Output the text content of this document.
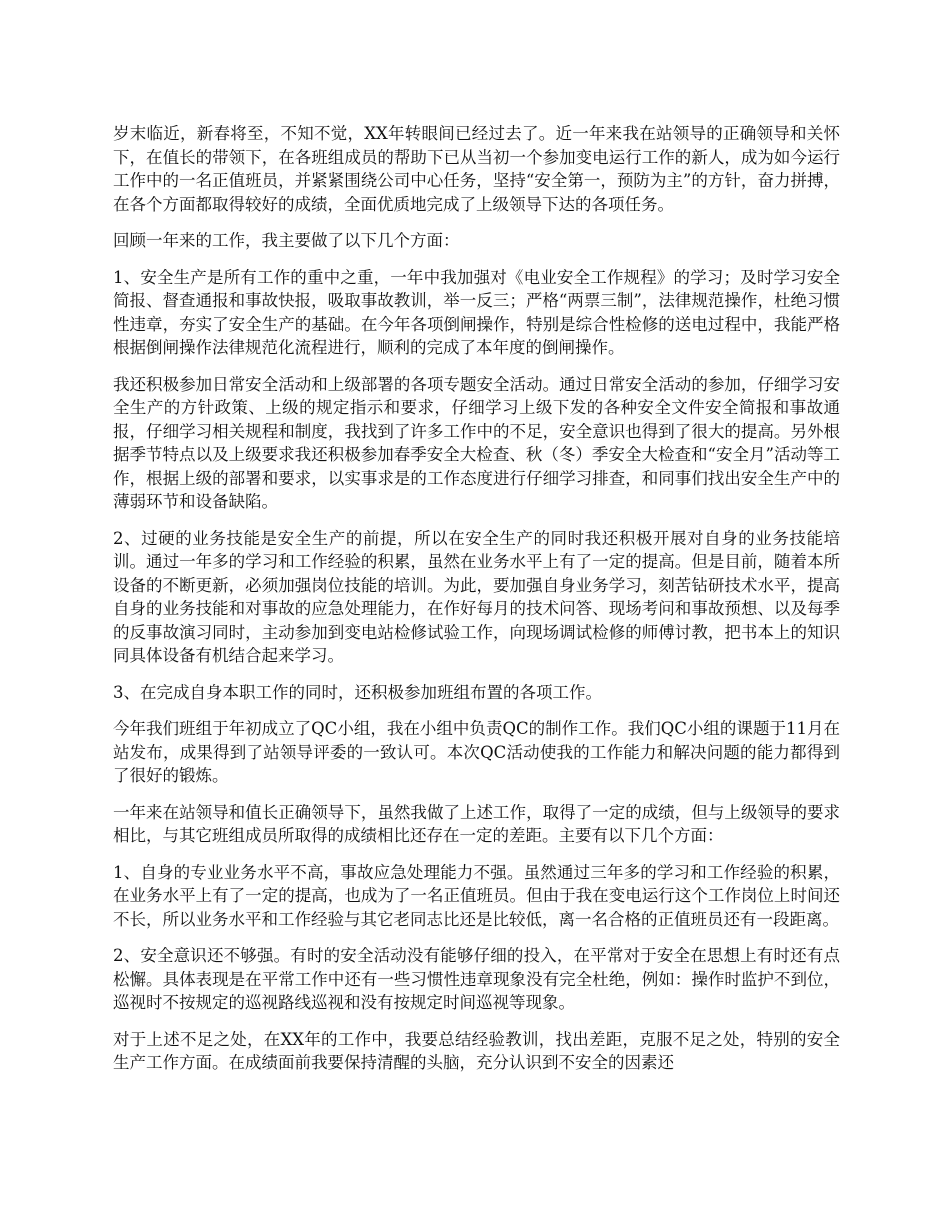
岁末临近，新春将至，不知不觉，XX年转眼间已经过去了。近一年来我在站领导的正确领导和关怀下，在值长的带领下，在各班组成员的帮助下已从当初一个参加变电运行工作的新人，成为如今运行工作中的一名正值班员，并紧紧围绕公司中心任务，坚持“安全第一，预防为主”的方针，奋力拼搏，在各个方面都取得较好的成绩，全面优质地完成了上级领导下达的各项任务。

回顾一年来的工作，我主要做了以下几个方面：

1、安全生产是所有工作的重中之重，一年中我加强对《电业安全工作规程》的学习；及时学习安全简报、督查通报和事故快报，吸取事故教训，举一反三；严格“两票三制”，法律规范操作，杜绝习惯性违章，夯实了安全生产的基础。在今年各项倒闸操作，特别是综合性检修的送电过程中，我能严格根据倒闸操作法律规范化流程进行，顺利的完成了本年度的倒闸操作。

我还积极参加日常安全活动和上级部署的各项专题安全活动。通过日常安全活动的参加，仔细学习安全生产的方针政策、上级的规定指示和要求，仔细学习上级下发的各种安全文件安全简报和事故通报，仔细学习相关规程和制度，我找到了许多工作中的不足，安全意识也得到了很大的提高。另外根据季节特点以及上级要求我还积极参加春季安全大检查、秋（冬）季安全大检查和“安全月”活动等工作，根据上级的部署和要求，以实事求是的工作态度进行仔细学习排查，和同事们找出安全生产中的薄弱环节和设备缺陷。

2、过硬的业务技能是安全生产的前提，所以在安全生产的同时我还积极开展对自身的业务技能培训。通过一年多的学习和工作经验的积累，虽然在业务水平上有了一定的提高。但是目前，随着本所设备的不断更新，必须加强岗位技能的培训。为此，要加强自身业务学习，刻苦钻研技术水平，提高自身的业务技能和对事故的应急处理能力，在作好每月的技术问答、现场考问和事故预想、以及每季的反事故演习同时，主动参加到变电站检修试验工作，向现场调试检修的师傅讨教，把书本上的知识同具体设备有机结合起来学习。

3、在完成自身本职工作的同时，还积极参加班组布置的各项工作。

今年我们班组于年初成立了QC小组，我在小组中负责QC的制作工作。我们QC小组的课题于11月在站发布，成果得到了站领导评委的一致认可。本次QC活动使我的工作能力和解决问题的能力都得到了很好的锻炼。

一年来在站领导和值长正确领导下，虽然我做了上述工作，取得了一定的成绩，但与上级领导的要求相比，与其它班组成员所取得的成绩相比还存在一定的差距。主要有以下几个方面：

1、自身的专业业务水平不高，事故应急处理能力不强。虽然通过三年多的学习和工作经验的积累，在业务水平上有了一定的提高，也成为了一名正值班员。但由于我在变电运行这个工作岗位上时间还不长，所以业务水平和工作经验与其它老同志比还是比较低，离一名合格的正值班员还有一段距离。

2、安全意识还不够强。有时的安全活动没有能够仔细的投入，在平常对于安全在思想上有时还有点松懈。具体表现是在平常工作中还有一些习惯性违章现象没有完全杜绝，例如：操作时监护不到位，巡视时不按规定的巡视路线巡视和没有按规定时间巡视等现象。

对于上述不足之处，在XX年的工作中，我要总结经验教训，找出差距，克服不足之处，特别的安全生产工作方面。在成绩面前我要保持清醒的头脑，充分认识到不安全的因素还
